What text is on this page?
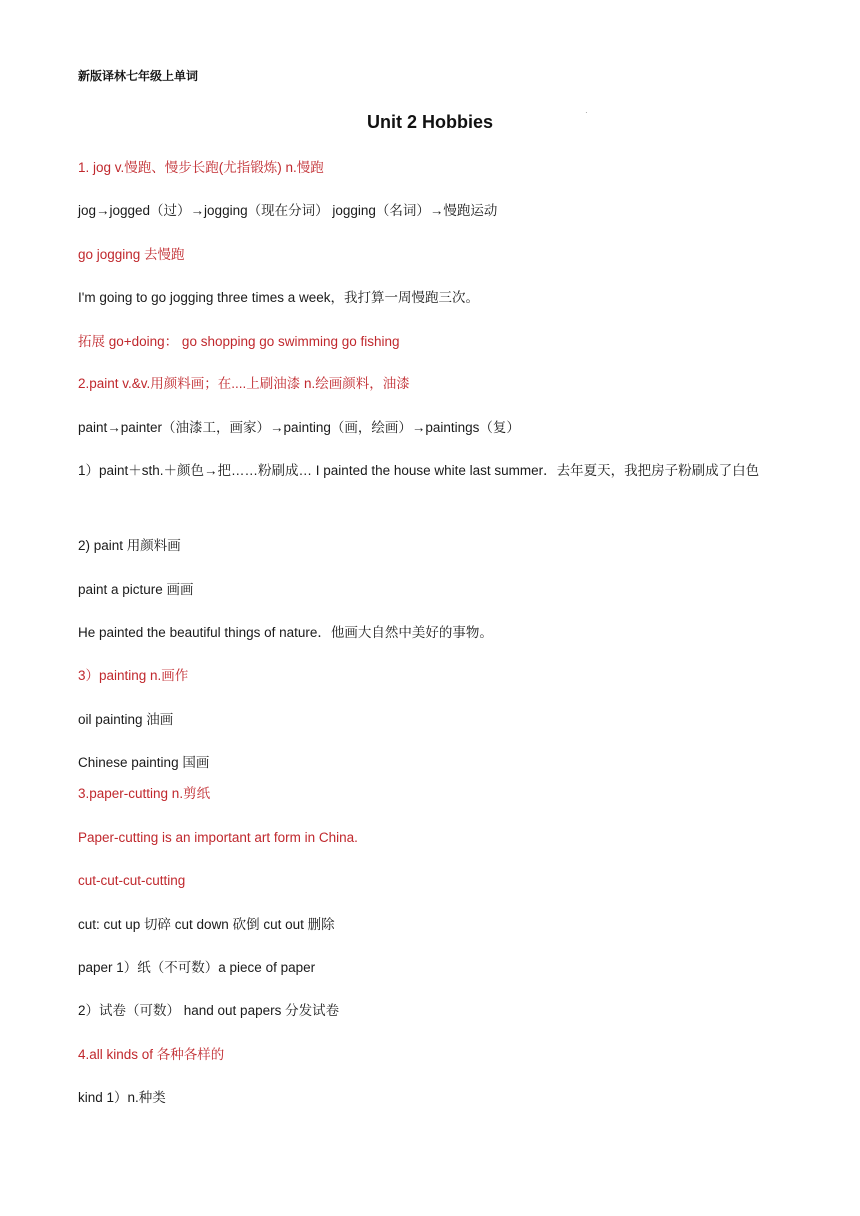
新版译林七年级上单词
Unit 2 Hobbies	·
1. jog v.慢跑、慢步长跑(尤指锻炼) n.慢跑
jog→jogged（过）→jogging（现在分词） jogging（名词）→慢跑运动
go jogging 去慢跑
I'm going to go jogging three times a week，我打算一周慢跑三次。
拓展 go+doing： go shopping go swimming go fishing
2.paint v.&v.用颜料画；在....上刷油漆 n.绘画颜料，油漆
paint→painter（油漆工，画家）→painting（画，绘画）→paintings（复）
1）paint＋sth.＋颜色→把……粉刷成… I painted the house white last summer．去年夏天，我把房子粉刷成了白色
2) paint 用颜料画
paint a picture 画画
He painted the beautiful things of nature．他画大自然中美好的事物。
3）painting n.画作
oil painting 油画
Chinese painting 国画
3.paper-cutting n.剪纸
Paper-cutting is an important art form in China.
cut-cut-cut-cutting
cut: cut up 切碎 cut down 砍倒 cut out 删除
paper 1）纸（不可数）a piece of paper
2）试卷（可数） hand out papers 分发试卷
4.all kinds of 各种各样的
kind 1）n.种类
